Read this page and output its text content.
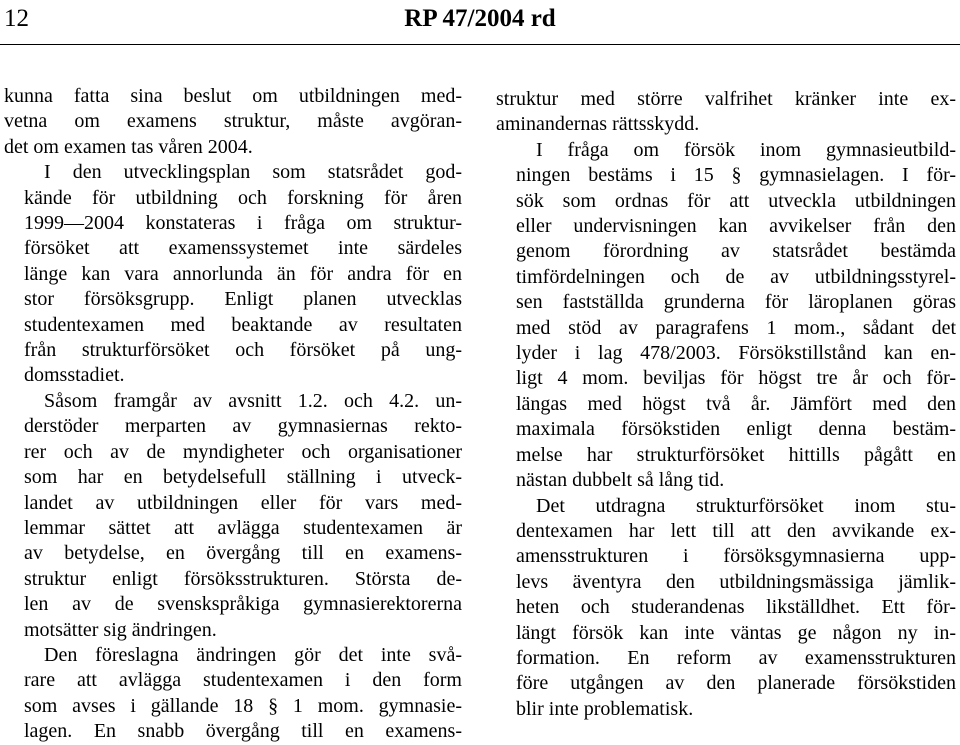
12	RP 47/2004 rd
kunna fatta sina beslut om utbildningen med-
vetna om examens struktur, måste avgöran-
det om examen tas våren 2004.
I den utvecklingsplan som statsrådet god-
kände för utbildning och forskning för åren
1999—2004 konstateras i fråga om struktur-
försöket att examenssystemet inte särdeles
länge kan vara annorlunda än för andra för en
stor försöksgrupp. Enligt planen utvecklas
studentexamen med beaktande av resultaten
från strukturförsöket och försöket på ung-
domsstadiet.
Såsom framgår av avsnitt 1.2. och 4.2. un-
derstöder merparten av gymnasiernas rekto-
rer och av de myndigheter och organisationer
som har en betydelsefull ställning i utveck-
landet av utbildningen eller för vars med-
lemmar sättet att avlägga studentexamen är
av betydelse, en övergång till en examens-
struktur enligt försöksstrukturen. Största de-
len av de svenskspråkiga gymnasierektorerna
motsätter sig ändringen.
Den föreslagna ändringen gör det inte svå-
rare att avlägga studentexamen i den form
som avses i gällande 18 § 1 mom. gymnasie-
lagen. En snabb övergång till en examens-
struktur med större valfrihet kränker inte ex-
aminandernas rättsskydd.
I fråga om försök inom gymnasieutbild-
ningen bestäms i 15 § gymnasielagen. I för-
sök som ordnas för att utveckla utbildningen
eller undervisningen kan avvikelser från den
genom förordning av statsrådet bestämda
timfördelningen och de av utbildningsstyrel-
sen fastställda grunderna för läroplanen göras
med stöd av paragrafens 1 mom., sådant det
lyder i lag 478/2003. Försökstillstånd kan en-
ligt 4 mom. beviljas för högst tre år och för-
längas med högst två år. Jämfört med den
maximala försökstiden enligt denna bestäm-
melse har strukturförsöket hittills pågått en
nästan dubbelt så lång tid.
Det utdragna strukturförsöket inom stu-
dentexamen har lett till att den avvikande ex-
amensstrukturen i försöksgymnasierna upp-
levs äventyra den utbildningsmässiga jämlik-
heten och studerandenas likställdhet. Ett för-
längt försök kan inte väntas ge någon ny in-
formation. En reform av examensstrukturen
före utgången av den planerade försökstiden
blir inte problematisk.
